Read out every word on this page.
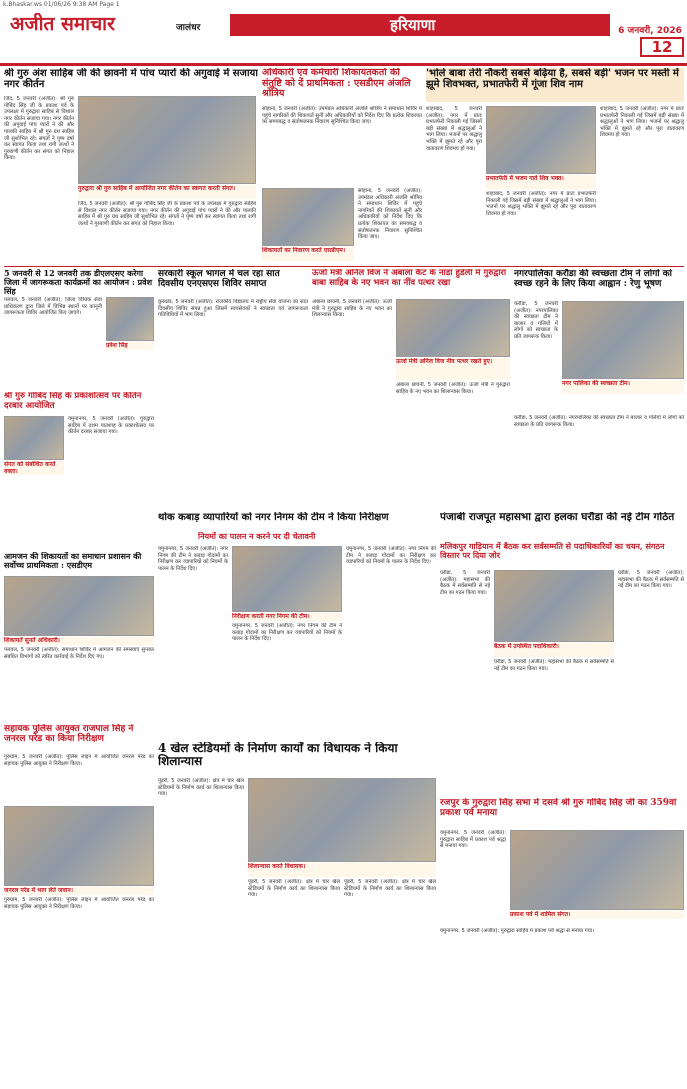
k.Bhaskar.ws 01/06/26 9:38 AM Page 1
अजीत समाचार	जालंधर	हरियाणा	6 जनवरी, 2026
12
श्री गुरु अंश साहिब जी की छावनी में पांच प्यारों की अगुवाई में सजाया नगर कीर्तन
जिंद, 5 जनवरी (अजीत): श्री गुरु गोबिंद सिंह जी के प्रकाश पर्व के उपलक्ष्य में गुरुद्वारा साहिब से विशाल नगर कीर्तन सजाया गया। नगर कीर्तन की अगुवाई पांच प्यारों ने की और पालकी साहिब में श्री गुरु ग्रंथ साहिब जी सुशोभित रहे। संगतों ने पुष्प वर्षा कर स्वागत किया तथा रागी जत्थों ने गुरबाणी कीर्तन कर संगत को निहाल किया।
गुरुद्वारा श्री गुरु साहिब में आयोजित नगर कीर्तन का स्वागत करती संगत।
जिंद, 5 जनवरी (अजीत): श्री गुरु गोबिंद सिंह जी के प्रकाश पर्व के उपलक्ष्य में गुरुद्वारा साहिब से विशाल नगर कीर्तन सजाया गया। नगर कीर्तन की अगुवाई पांच प्यारों ने की और पालकी साहिब में श्री गुरु ग्रंथ साहिब जी सुशोभित रहे। संगतों ने पुष्प वर्षा कर स्वागत किया तथा रागी जत्थों ने गुरबाणी कीर्तन कर संगत को निहाल किया।
अधिकारी एवं कर्मचारी शिकायतकर्ता की संतुष्टि को दें प्राथमिकता : एसडीएम अंजलि श्रोत्रिय
सोहाना, 5 जनवरी (अजीत): उपमंडल अधिकारी अंजलि श्रोत्रिय ने समाधान शिविर में पहुंचे नागरिकों की शिकायतें सुनीं और अधिकारियों को निर्देश दिए कि प्रत्येक शिकायत का समयबद्ध व संतोषजनक निवारण सुनिश्चित किया जाए।
शिकायतों का निवारण करते एसडीएम।
सोहाना, 5 जनवरी (अजीत): उपमंडल अधिकारी अंजलि श्रोत्रिय ने समाधान शिविर में पहुंचे नागरिकों की शिकायतें सुनीं और अधिकारियों को निर्देश दिए कि प्रत्येक शिकायत का समयबद्ध व संतोषजनक निवारण सुनिश्चित किया जाए।
'भोले बाबा तेरी नौकरी सबसे बढ़िया है, सबसे बड़ी' भजन पर मस्ती में झूमे शिवभक्त, प्रभातफेरी में गूंजा शिव नाम
शाहाबाद, 5 जनवरी (अजीत): नगर में प्रातः प्रभातफेरी निकाली गई जिसमें बड़ी संख्या में श्रद्धालुओं ने भाग लिया। भजनों पर श्रद्धालु भक्ति में झूमते रहे और पूरा वातावरण शिवमय हो गया।
प्रभातफेरी में भजन गाते शिव भक्त।
शाहाबाद, 5 जनवरी (अजीत): नगर में प्रातः प्रभातफेरी निकाली गई जिसमें बड़ी संख्या में श्रद्धालुओं ने भाग लिया। भजनों पर श्रद्धालु भक्ति में झूमते रहे और पूरा वातावरण शिवमय हो गया।
शाहाबाद, 5 जनवरी (अजीत): नगर में प्रातः प्रभातफेरी निकाली गई जिसमें बड़ी संख्या में श्रद्धालुओं ने भाग लिया। भजनों पर श्रद्धालु भक्ति में झूमते रहे और पूरा वातावरण शिवमय हो गया।
5 जनवरी से 12 जनवरी तक डीएलएसए करेगा जिला में जागरूकता कार्यक्रमों का आयोजन : प्रवेश सिंह
पलवल, 5 जनवरी (अजीत): जिला विधिक सेवा प्राधिकरण द्वारा जिले में विभिन्न स्थानों पर कानूनी जागरूकता शिविर आयोजित किए जाएंगे।
प्रवेश सिंह
श्री गुरु गोबिंद सिंह के प्रकाशोत्सव पर कीर्तन दरबार आयोजित
संगत को संबोधित करते वक्ता।
यमुनानगर, 5 जनवरी (अजीत): गुरुद्वारा साहिब में दशम पातशाह के प्रकाशोत्सव पर कीर्तन दरबार सजाया गया।
आमजन की शिकायतों का समाधान प्रशासन की सर्वोच्च प्राथमिकता : एसडीएम
शिकायतें सुनते अधिकारी।
पलवल, 5 जनवरी (अजीत): समाधान शिविर में आमजन की समस्याएं सुनकर संबंधित विभागों को त्वरित कार्रवाई के निर्देश दिए गए।
सहायक पुलिस आयुक्त राजपाल सिंह ने जनरल परेड का किया निरीक्षण
गुरुग्राम, 5 जनवरी (अजीत): पुलिस लाइन में आयोजित जनरल परेड का सहायक पुलिस आयुक्त ने निरीक्षण किया।
जनरल परेड में भाग लेते जवान।
गुरुग्राम, 5 जनवरी (अजीत): पुलिस लाइन में आयोजित जनरल परेड का सहायक पुलिस आयुक्त ने निरीक्षण किया।
सरकारी स्कूल भागल में चल रहा सात दिवसीय एनएसएस शिविर समाप्त
कुरुक्षेत्र, 5 जनवरी (अजीत): राजकीय विद्यालय में राष्ट्रीय सेवा योजना का सात दिवसीय शिविर संपन्न हुआ जिसमें स्वयंसेवकों ने स्वच्छता एवं जागरूकता गतिविधियों में भाग लिया।
ऊर्जा मंत्री अनिल विज ने अंबाला कैंट के नाडा हुडेली में गुरुद्वारा बाबा साहिब के नए भवन का नींव पत्थर रखा
अंबाला छावनी, 5 जनवरी (अजीत): ऊर्जा मंत्री ने गुरुद्वारा साहिब के नए भवन का शिलान्यास किया।
ऊर्जा मंत्री अनिल विज नींव पत्थर रखते हुए।
अंबाला छावनी, 5 जनवरी (अजीत): ऊर्जा मंत्री ने गुरुद्वारा साहिब के नए भवन का शिलान्यास किया।
नगरपालिका करौडा की स्वच्छता टीम ने लोगों को स्वच्छ रहने के लिए किया आह्वान : रेणु भूषण
करौडा, 5 जनवरी (अजीत): नगरपालिका की स्वच्छता टीम ने बाजार व गलियों में लोगों को स्वच्छता के प्रति जागरूक किया।
नगर पालिका की स्वच्छता टीम।
करौडा, 5 जनवरी (अजीत): नगरपालिका की स्वच्छता टीम ने बाजार व गलियों में लोगों को स्वच्छता के प्रति जागरूक किया।
थोक कबाड़ व्यापारियों को नगर निगम की टीम ने किया निरीक्षण
नियमों का पालन न करने पर दी चेतावनी
यमुनानगर, 5 जनवरी (अजीत): नगर निगम की टीम ने कबाड़ गोदामों का निरीक्षण कर व्यापारियों को नियमों के पालन के निर्देश दिए।
निरीक्षण करती नगर निगम की टीम।
यमुनानगर, 5 जनवरी (अजीत): नगर निगम की टीम ने कबाड़ गोदामों का निरीक्षण कर व्यापारियों को नियमों के पालन के निर्देश दिए।
यमुनानगर, 5 जनवरी (अजीत): नगर निगम की टीम ने कबाड़ गोदामों का निरीक्षण कर व्यापारियों को नियमों के पालन के निर्देश दिए।
पंजाबी राजपूत महासभा द्वारा हलका घरौंडा की नई टीम गठित
मलिकपुर गाड़ियान में बैठक कर सर्वसम्मति से पदाधिकारियों का चयन, संगठन विस्तार पर दिया जोर
घरौंडा, 5 जनवरी (अजीत): महासभा की बैठक में सर्वसम्मति से नई टीम का गठन किया गया।
बैठक में उपस्थित पदाधिकारी।
घरौंडा, 5 जनवरी (अजीत): महासभा की बैठक में सर्वसम्मति से नई टीम का गठन किया गया।
घरौंडा, 5 जनवरी (अजीत): महासभा की बैठक में सर्वसम्मति से नई टीम का गठन किया गया।
4 खेल स्टेडियमों के निर्माण कार्यों का विधायक ने किया शिलान्यास
पूंडरी, 5 जनवरी (अजीत): क्षेत्र में चार खेल स्टेडियमों के निर्माण कार्य का शिलान्यास किया गया।
शिलान्यास करते विधायक।
पूंडरी, 5 जनवरी (अजीत): क्षेत्र में चार खेल स्टेडियमों के निर्माण कार्य का शिलान्यास किया गया।
पूंडरी, 5 जनवरी (अजीत): क्षेत्र में चार खेल स्टेडियमों के निर्माण कार्य का शिलान्यास किया गया।
रजपुर के गुरुद्वारा सिंह सभा में दसवें श्री गुरु गोबिंद सिंह जी का 359वां प्रकाश पर्व मनाया
यमुनानगर, 5 जनवरी (अजीत): गुरुद्वारा साहिब में प्रकाश पर्व श्रद्धा से मनाया गया।
प्रकाश पर्व में शामिल संगत।
यमुनानगर, 5 जनवरी (अजीत): गुरुद्वारा साहिब में प्रकाश पर्व श्रद्धा से मनाया गया।
